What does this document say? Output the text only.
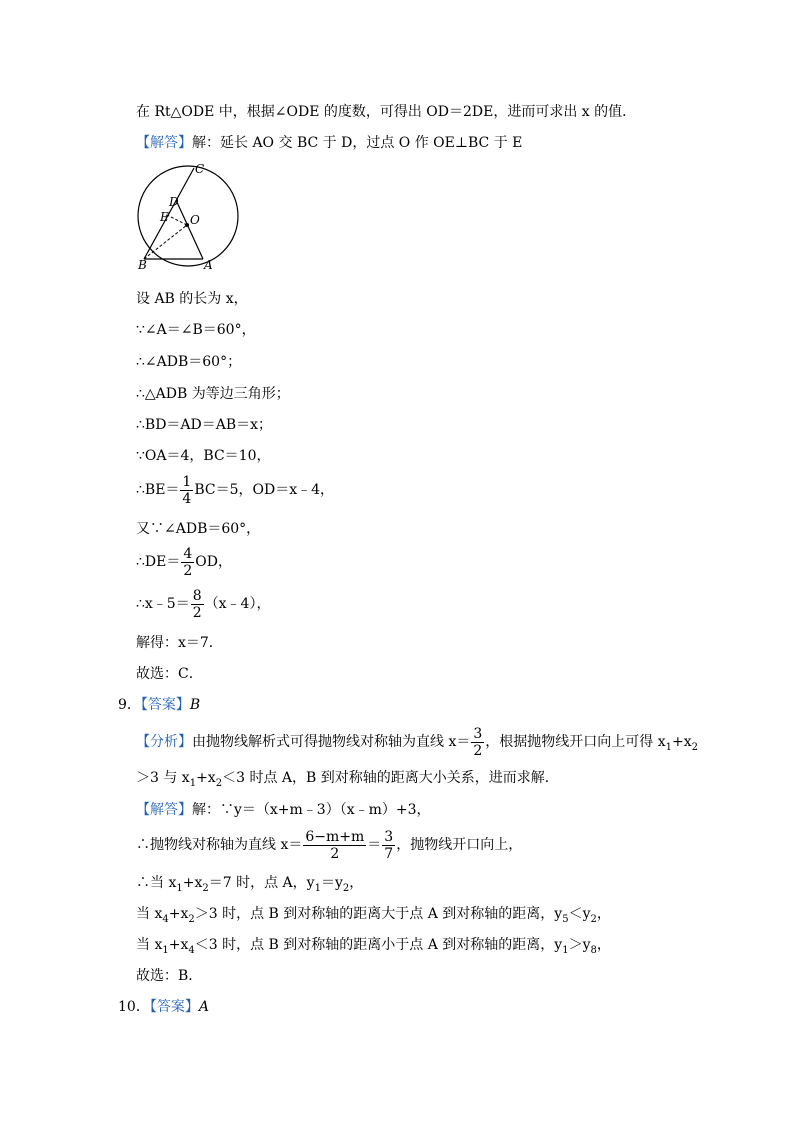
在 Rt△ODE 中，根据∠ODE 的度数，可得出 OD＝2DE，进而可求出 x 的值．
【解答】解：延长 AO 交 BC 于 D，过点 O 作 OE⊥BC 于 E
C
D
E O
B	A
设 AB 的长为 x，
∵∠A＝∠B＝60°，
∴∠ADB＝60°；
∴△ADB 为等边三角形；
∴BD＝AD＝AB＝x；
∵OA＝4，BC＝10，
∴BE＝ $\frac{1}{4} BC=5$，OD＝x﹣4，
又∵∠ADB＝60°，
∴DE＝ $\frac{4}{2}$ OD，
∴x﹣5＝ $\frac{8}{2}$ （x﹣4），
解得：x＝7．
故选：C．
9．【答案】B
【分析】由抛物线解析式可得抛物线对称轴为直线 $x= \frac{3}{2}$ ，根据抛物线开口向上可得 $x_1+x_2$
＞3 与 $x_1+x_2<3$ 时点 A，B 到对称轴的距离大小关系，进而求解．
【解答】解：∵y＝（x+m﹣3）（x﹣m）+3，
∴抛物线对称轴为直线 $x= \frac{6-m+m}{2} = \frac{3}{7}$ ，抛物线开口向上，
∴当 $x_1+x_2=7$ 时，点 A，$y_1=y_2$，
当 $x_4+x_2>3$ 时，点 B 到对称轴的距离大于点 A 到对称轴的距离，$y_5<y_2$，
当 $x_1+x_4<3$ 时，点 B 到对称轴的距离小于点 A 到对称轴的距离，$y_1>y_8$，
故选：B．
10．【答案】A
